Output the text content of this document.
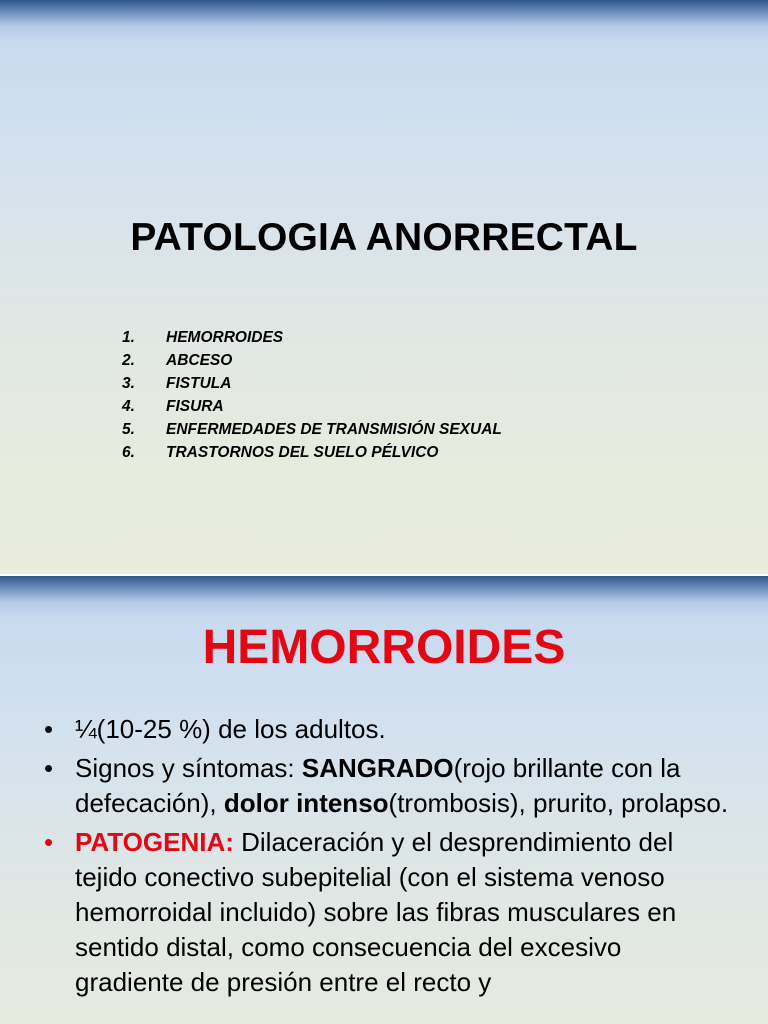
PATOLOGIA ANORRECTAL
1. HEMORROIDES
2. ABCESO
3. FISTULA
4. FISURA
5. ENFERMEDADES DE TRANSMISIÓN SEXUAL
6. TRASTORNOS DEL SUELO PÉLVICO
HEMORROIDES
• ¼(10-25 %) de los adultos.
• Signos y síntomas: SANGRADO(rojo brillante con la defecación), dolor intenso(trombosis), prurito, prolapso.
• PATOGENIA: Dilaceración y el desprendimiento del tejido conectivo subepitelial (con el sistema venoso hemorroidal incluido) sobre las fibras musculares en sentido distal, como consecuencia del excesivo gradiente de presión entre el recto y
